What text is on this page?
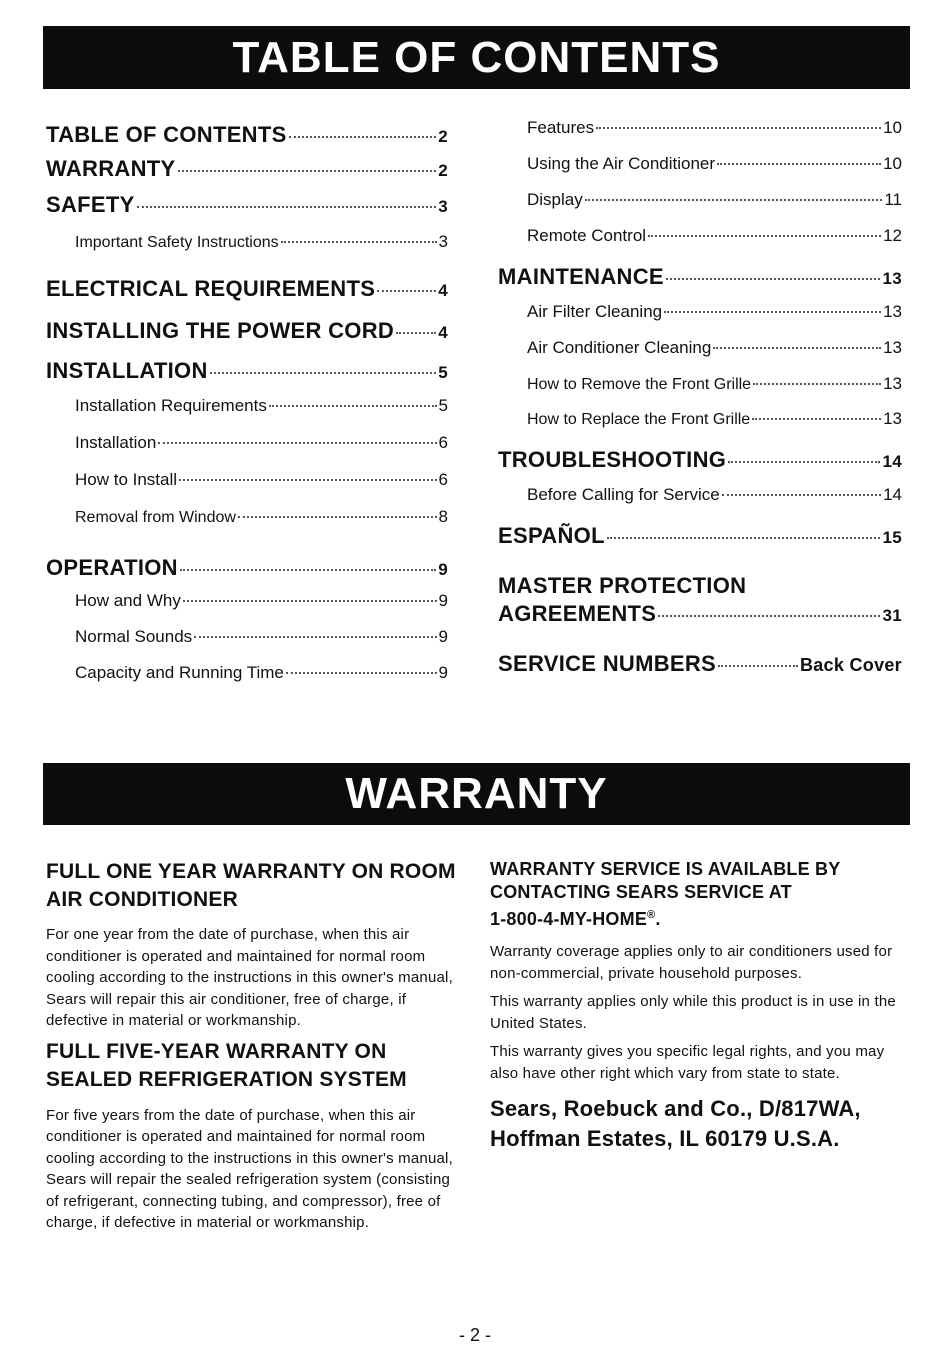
TABLE OF CONTENTS
TABLE OF CONTENTS	2
WARRANTY	2
SAFETY	3
Important Safety Instructions	3
ELECTRICAL REQUIREMENTS	4
INSTALLING THE POWER CORD	4
INSTALLATION	5
Installation Requirements	5
Installation	6
How to Install	6
Removal from Window	8
OPERATION	9
How and Why	9
Normal Sounds	9
Capacity and Running Time	9
Features	10
Using the Air Conditioner	10
Display	11
Remote Control	12
MAINTENANCE	13
Air Filter Cleaning	13
Air Conditioner Cleaning	13
How to Remove the Front Grille	13
How to Replace the Front Grille	13
TROUBLESHOOTING	14
Before Calling for Service	14
ESPAÑOL	15
MASTER PROTECTION
AGREEMENTS	31
SERVICE NUMBERS	Back Cover
WARRANTY
FULL ONE YEAR WARRANTY ON ROOM AIR CONDITIONER

For one year from the date of purchase, when this air conditioner is operated and maintained for normal room cooling according to the instructions in this owner's manual, Sears will repair this air conditioner, free of charge, if defective in material or workmanship.

FULL FIVE-YEAR WARRANTY ON SEALED REFRIGERATION SYSTEM

For five years from the date of purchase, when this air conditioner is operated and maintained for normal room cooling according to the instructions in this owner's manual, Sears will repair the sealed refrigeration system (consisting of refrigerant, connecting tubing, and compressor), free of charge, if defective in material or workmanship.

WARRANTY SERVICE IS AVAILABLE BY CONTACTING SEARS SERVICE AT
1-800-4-MY-HOME®.

Warranty coverage applies only to air conditioners used for non-commercial, private household purposes.

This warranty applies only while this product is in use in the United States.

This warranty gives you specific legal rights, and you may also have other right which vary from state to state.

Sears, Roebuck and Co., D/817WA,
Hoffman Estates, IL 60179 U.S.A.

- 2 -
